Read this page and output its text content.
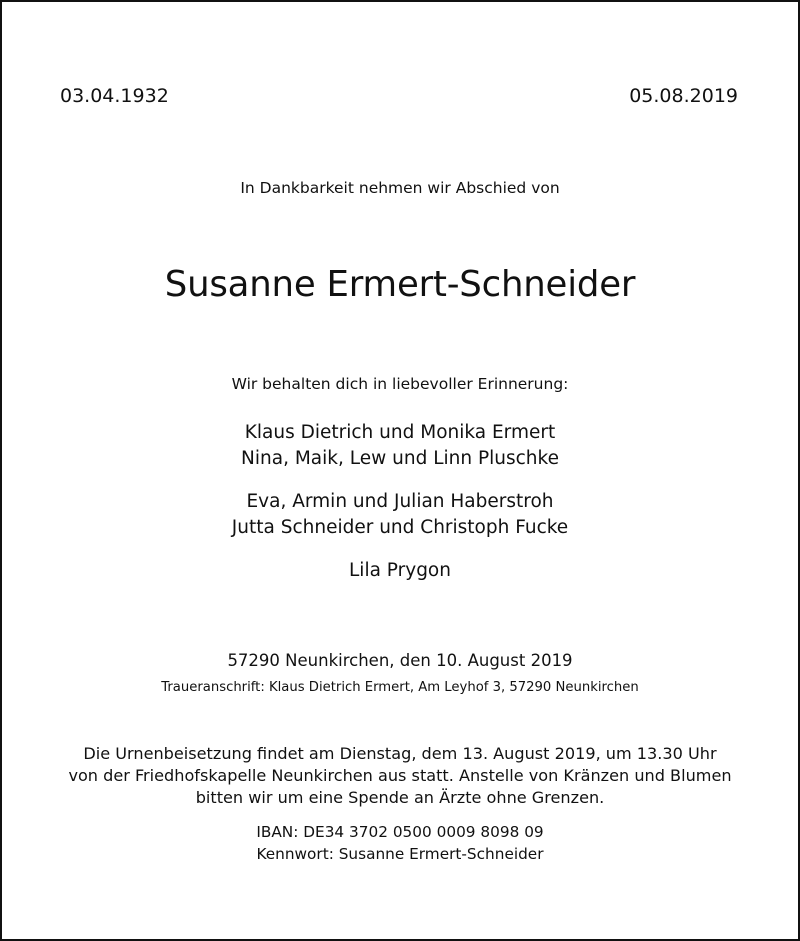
03.04.1932	05.08.2019
In Dankbarkeit nehmen wir Abschied von
Susanne Ermert-Schneider
Wir behalten dich in liebevoller Erinnerung:
Klaus Dietrich und Monika Ermert
Nina, Maik, Lew und Linn Pluschke
Eva, Armin und Julian Haberstroh
Jutta Schneider und Christoph Fucke
Lila Prygon
57290 Neunkirchen, den 10. August 2019
Traueranschrift: Klaus Dietrich Ermert, Am Leyhof 3, 57290 Neunkirchen
Die Urnenbeisetzung findet am Dienstag, dem 13. August 2019, um 13.30 Uhr
von der Friedhofskapelle Neunkirchen aus statt. Anstelle von Kränzen und Blumen
bitten wir um eine Spende an Ärzte ohne Grenzen.
IBAN: DE34 3702 0500 0009 8098 09
Kennwort: Susanne Ermert-Schneider
